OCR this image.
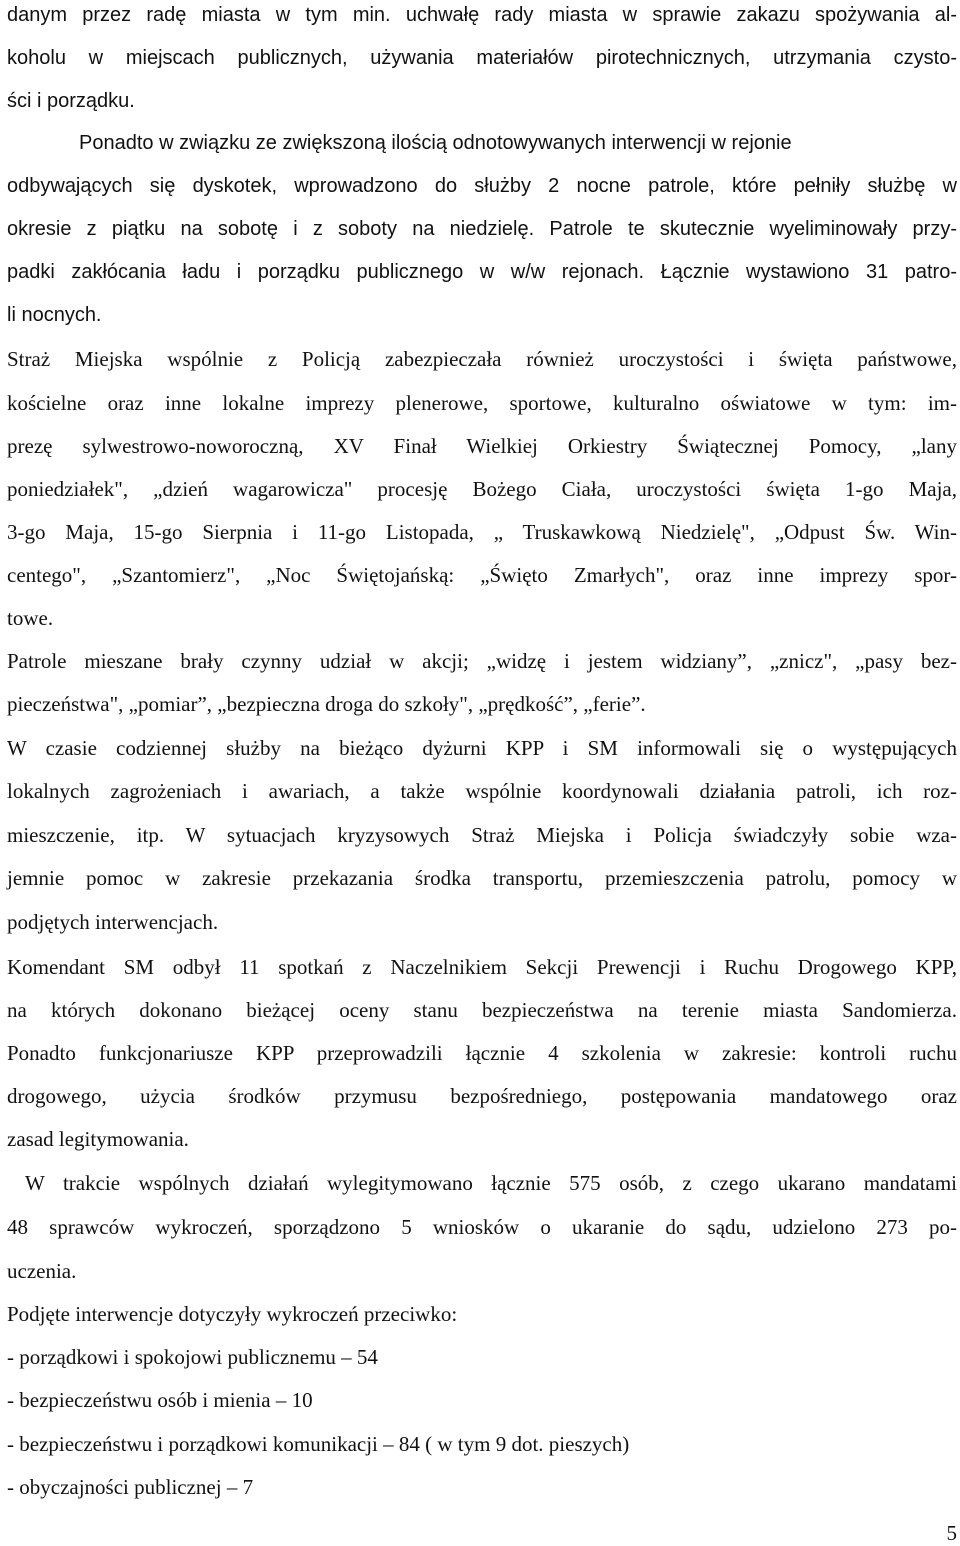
danym przez radę miasta w tym min. uchwałę rady miasta w sprawie zakazu spożywania al-
koholu w miejscach publicznych, używania materiałów pirotechnicznych, utrzymania czysto-
ści i porządku.
Ponadto w związku ze zwiększoną ilością odnotowywanych interwencji w rejonie
odbywających się dyskotek, wprowadzono do służby 2 nocne patrole, które pełniły służbę w
okresie z piątku na sobotę i z soboty na niedzielę. Patrole te skutecznie wyeliminowały przy-
padki zakłócania ładu i porządku publicznego w w/w rejonach. Łącznie wystawiono 31 patro-
li nocnych.
Straż Miejska wspólnie z Policją zabezpieczała również uroczystości i święta państwowe,
kościelne oraz inne lokalne imprezy plenerowe, sportowe, kulturalno oświatowe w tym: im-
prezę sylwestrowo-noworoczną, XV Finał Wielkiej Orkiestry Świątecznej Pomocy, „lany
poniedziałek", „dzień wagarowicza" procesję Bożego Ciała, uroczystości święta 1-go Maja,
3-go Maja, 15-go Sierpnia i 11-go Listopada, „ Truskawkową Niedzielę", „Odpust Św. Win-
centego", „Szantomierz", „Noc Świętojańską: „Święto Zmarłych", oraz inne imprezy spor-
towe.
Patrole mieszane brały czynny udział w akcji; „widzę i jestem widziany”, „znicz", „pasy bez-
pieczeństwa", „pomiar”, „bezpieczna droga do szkoły", „prędkość”, „ferie”.
W czasie codziennej służby na bieżąco dyżurni KPP i SM informowali się o występujących
lokalnych zagrożeniach i awariach, a także wspólnie koordynowali działania patroli, ich roz-
mieszczenie, itp. W sytuacjach kryzysowych Straż Miejska i Policja świadczyły sobie wza-
jemnie pomoc w zakresie przekazania środka transportu, przemieszczenia patrolu, pomocy w
podjętych interwencjach.
Komendant SM odbył 11 spotkań z Naczelnikiem Sekcji Prewencji i Ruchu Drogowego KPP,
na których dokonano bieżącej oceny stanu bezpieczeństwa na terenie miasta Sandomierza.
Ponadto funkcjonariusze KPP przeprowadzili łącznie 4 szkolenia w zakresie: kontroli ruchu
drogowego, użycia środków przymusu bezpośredniego, postępowania mandatowego oraz
zasad legitymowania.
W trakcie wspólnych działań wylegitymowano łącznie 575 osób, z czego ukarano mandatami
48 sprawców wykroczeń, sporządzono 5 wniosków o ukaranie do sądu, udzielono 273 po-
uczenia.
Podjęte interwencje dotyczyły wykroczeń przeciwko:
- porządkowi i spokojowi publicznemu – 54
- bezpieczeństwu osób i mienia – 10
- bezpieczeństwu i porządkowi komunikacji – 84 ( w tym 9 dot. pieszych)
- obyczajności publicznej – 7
5
